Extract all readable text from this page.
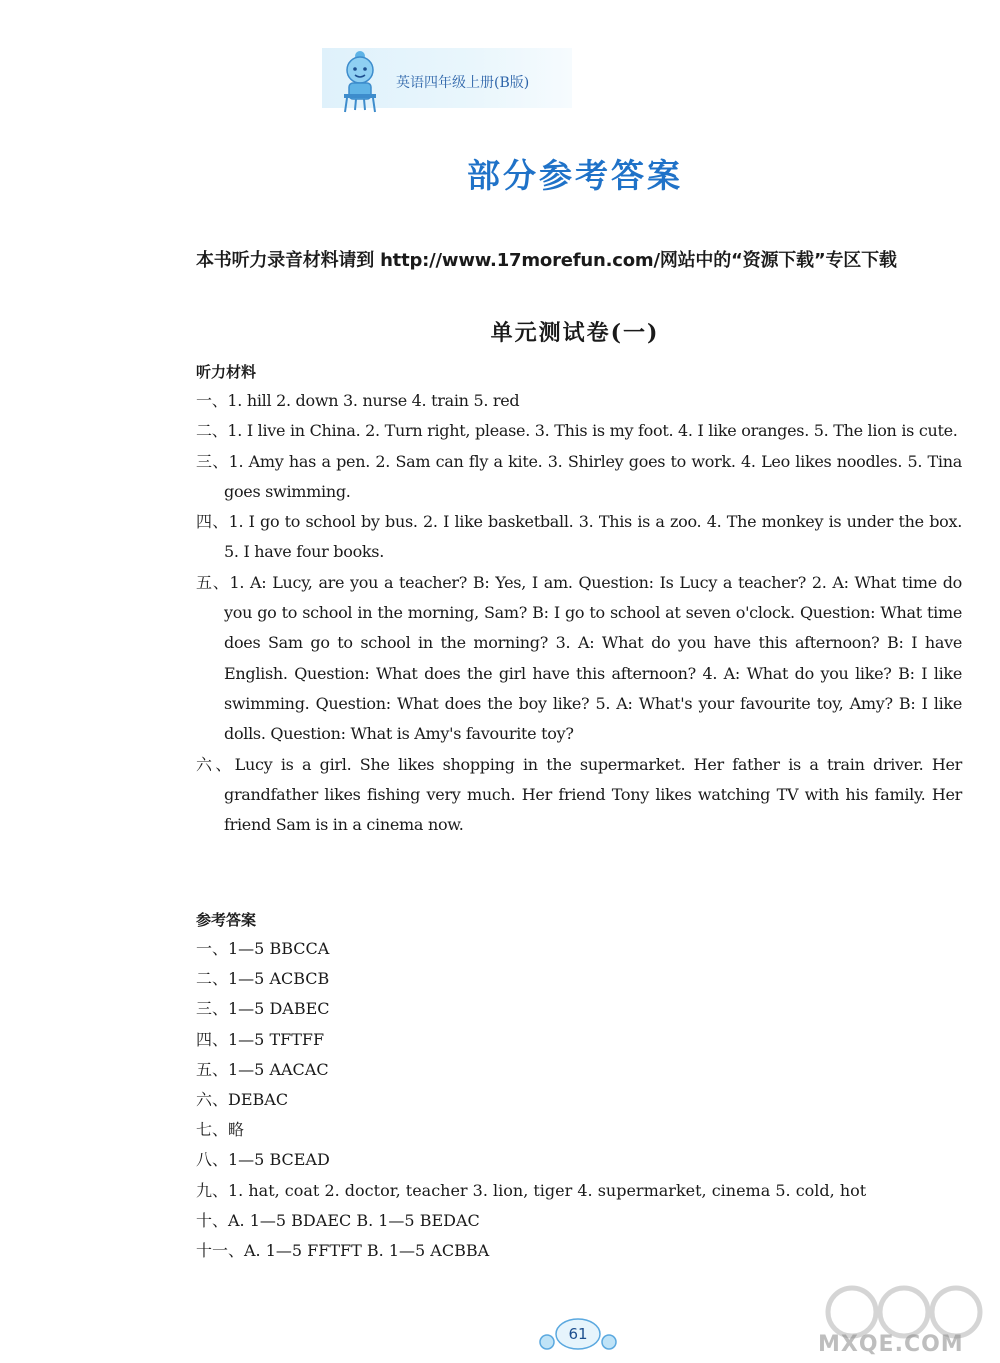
英语四年级上册(B版)
部分参考答案
本书听力录音材料请到 http://www.17morefun.com/网站中的“资源下载”专区下载
单元测试卷(一)
听力材料

一、1. hill 2. down 3. nurse 4. train 5. red

二、1. I live in China. 2. Turn right, please. 3. This is my foot. 4. I like oranges. 5. The lion is cute.

三、1. Amy has a pen. 2. Sam can fly a kite. 3. Shirley goes to work. 4. Leo likes noodles. 5. Tina goes swimming.

四、1. I go to school by bus. 2. I like basketball. 3. This is a zoo. 4. The monkey is under the box. 5. I have four books.

五、1. A: Lucy, are you a teacher? B: Yes, I am. Question: Is Lucy a teacher? 2. A: What time do you go to school in the morning, Sam? B: I go to school at seven o'clock. Question: What time does Sam go to school in the morning? 3. A: What do you have this afternoon? B: I have English. Question: What does the girl have this afternoon? 4. A: What do you like? B: I like swimming. Question: What does the boy like? 5. A: What's your favourite toy, Amy? B: I like dolls. Question: What is Amy's favourite toy?

六、Lucy is a girl. She likes shopping in the supermarket. Her father is a train driver. Her grandfather likes fishing very much. Her friend Tony likes watching TV with his family. Her friend Sam is in a cinema now.

参考答案

一、1—5 BBCCA

二、1—5 ACBCB

三、1—5 DABEC

四、1—5 TFTFF

五、1—5 AACAC

六、DEBAC

七、略

八、1—5 BCEAD

九、1. hat, coat 2. doctor, teacher 3. lion, tiger 4. supermarket, cinema 5. cold, hot

十、A. 1—5 BDAEC B. 1—5 BEDAC

十一、A. 1—5 FFTFT B. 1—5 ACBBA

61	MXQE.COM
